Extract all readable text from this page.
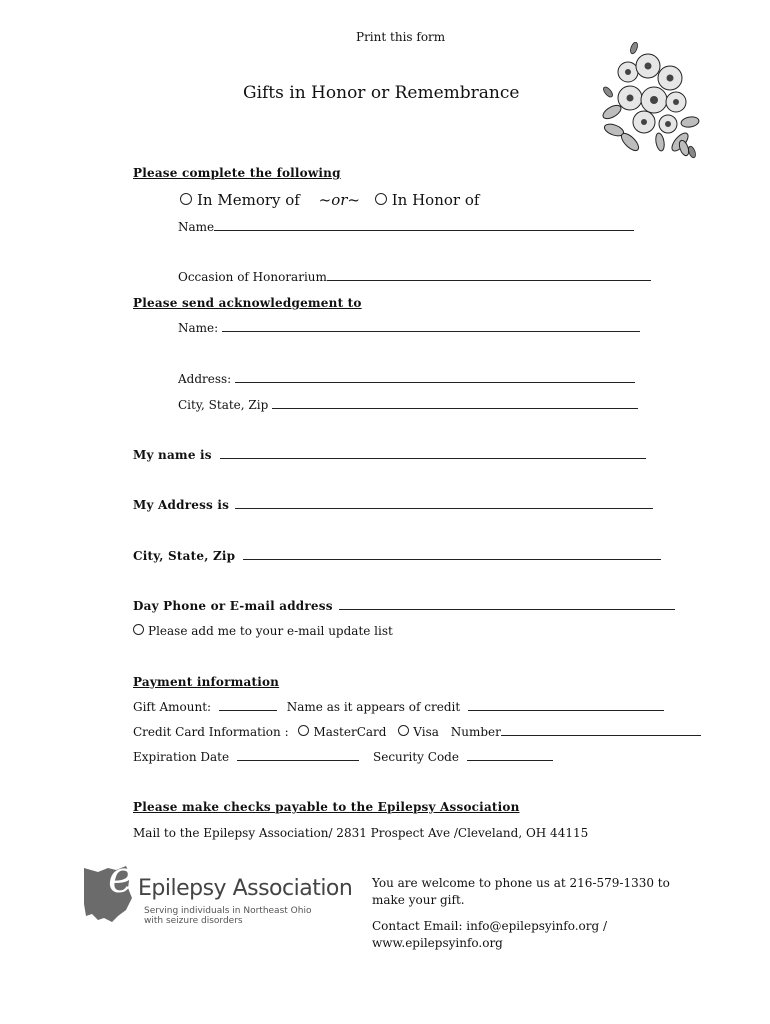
Print this form
Gifts in Honor or Remembrance
Please complete the following
In Memory of ~or~ In Honor of
Name
Occasion of Honorarium
Please send acknowledgement to
Name:
Address:
City, State, Zip
My name is
My Address is
City, State, Zip
Day Phone or E-mail address
Please add me to your e-mail update list
Payment information
Gift Amount:	Name as it appears of credit
Credit Card Information : MasterCard Visa Number
Expiration Date	Security Code
Please make checks payable to the Epilepsy Association
Mail to the Epilepsy Association/ 2831 Prospect Ave /Cleveland, OH 44115
e Epilepsy Association
Serving individuals in Northeast Ohio
with seizure disorders
You are welcome to phone us at 216-579-1330 to
make your gift.
Contact Email: info@epilepsyinfo.org /
www.epilepsyinfo.org
